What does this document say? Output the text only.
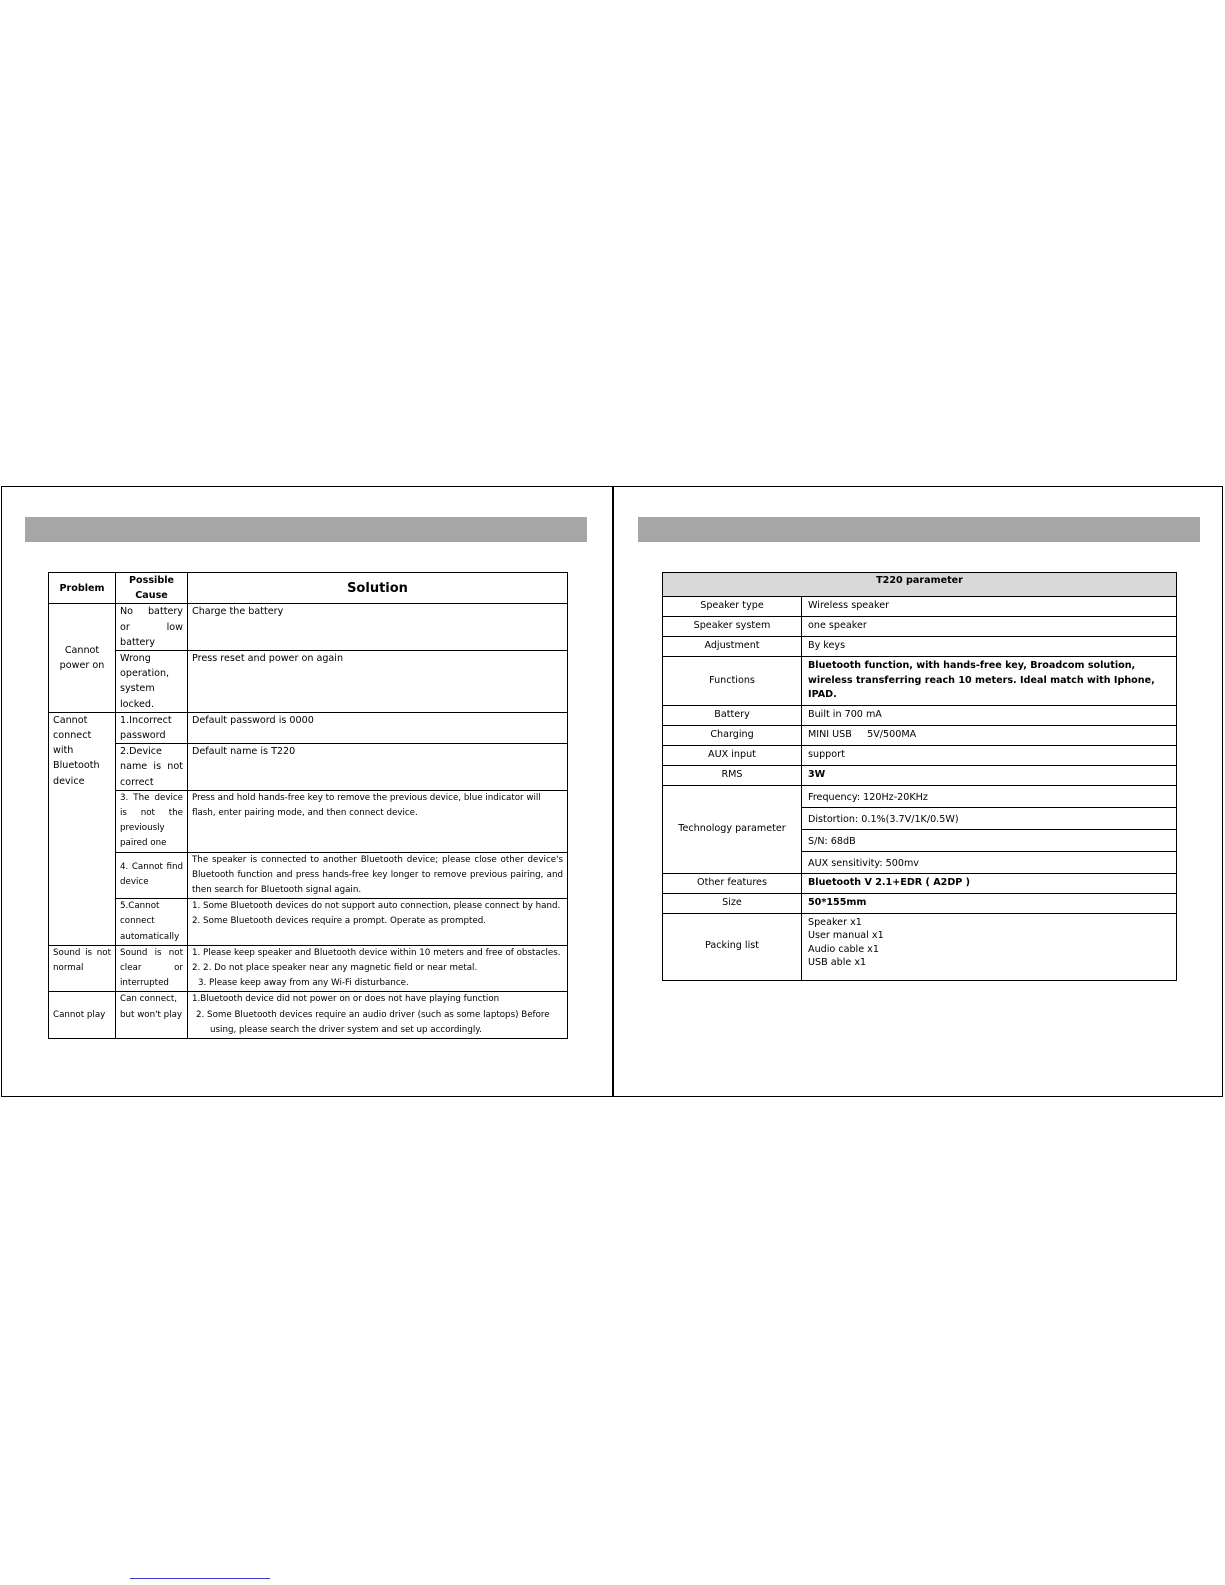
Problem	Possible Cause	Solution
Cannot power on	No battery or low battery	Charge the battery

	Wrong operation, system locked.	Press reset and power on again

Cannot connect with Bluetooth device	1.Incorrect password	Default password is 0000

	2.Device name is not correct	Default name is T220

	3. The device is not the previously paired one	Press and hold hands-free key to remove the previous device, blue indicator will flash, enter pairing mode, and then connect device.

	4. Cannot find device	The speaker is connected to another Bluetooth device; please close other device's Bluetooth function and press hands-free key longer to remove previous pairing, and then search for Bluetooth signal again.

	5.Cannot connect automatically	1. Some Bluetooth devices do not support auto connection, please connect by hand.
2. Some Bluetooth devices require a prompt. Operate as prompted.

Sound is not normal	Sound is not clear or interrupted	1. Please keep speaker and Bluetooth device within 10 meters and free of obstacles.
2. 2. Do not place speaker near any magnetic field or near metal.
3. Please keep away from any Wi-Fi disturbance.

Cannot play	Can connect, but won't play	1.Bluetooth device did not power on or does not have playing function
2. Some Bluetooth devices require an audio driver (such as some laptops) Before using, please search the driver system and set up accordingly.
T220 parameter	
Speaker type	Wireless speaker
Speaker system	one speaker
Adjustment	By keys
Functions	Bluetooth function, with hands-free key, Broadcom solution, wireless transferring reach 10 meters. Ideal match with Iphone, IPAD.
Battery	Built in 700 mA
Charging	MINI USB     5V/500MA
AUX input	support
RMS	3W
Technology parameter	Frequency: 120Hz-20KHz
	Distortion: 0.1%(3.7V/1K/0.5W)
	S/N: 68dB
	AUX sensitivity: 500mv
Other features	Bluetooth V 2.1+EDR ( A2DP )
Size	50*155mm
Packing list	Speaker x1
User manual x1
Audio cable x1
USB able x1
